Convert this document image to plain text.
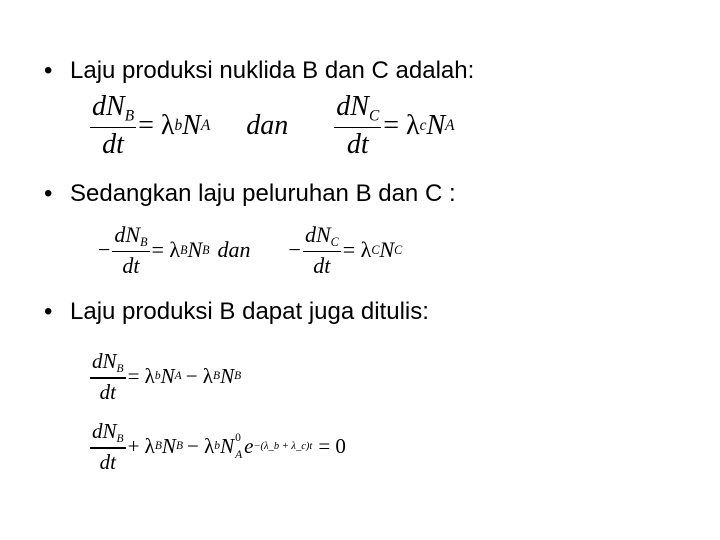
• Laju produksi nuklida B dan C adalah:
$\frac{dN_B}{dt} = \lambda$ b N A dan $\frac{dN_C}{dt} = \lambda$ c N A
• Sedangkan laju peluruhan B dan C :
− $\frac{dN_B}{dt} = \lambda$ B N B dan − $\frac{dN_C}{dt} = \lambda$ C N C
• Laju produksi B dapat juga ditulis:
$\frac{dN_B}{dt} = \lambda$ b N A − λ B N B
$\frac{dN_B}{dt} + \lambda$ B N B − λ b N 0
A e −(λ_b + λ_c)t = 0
